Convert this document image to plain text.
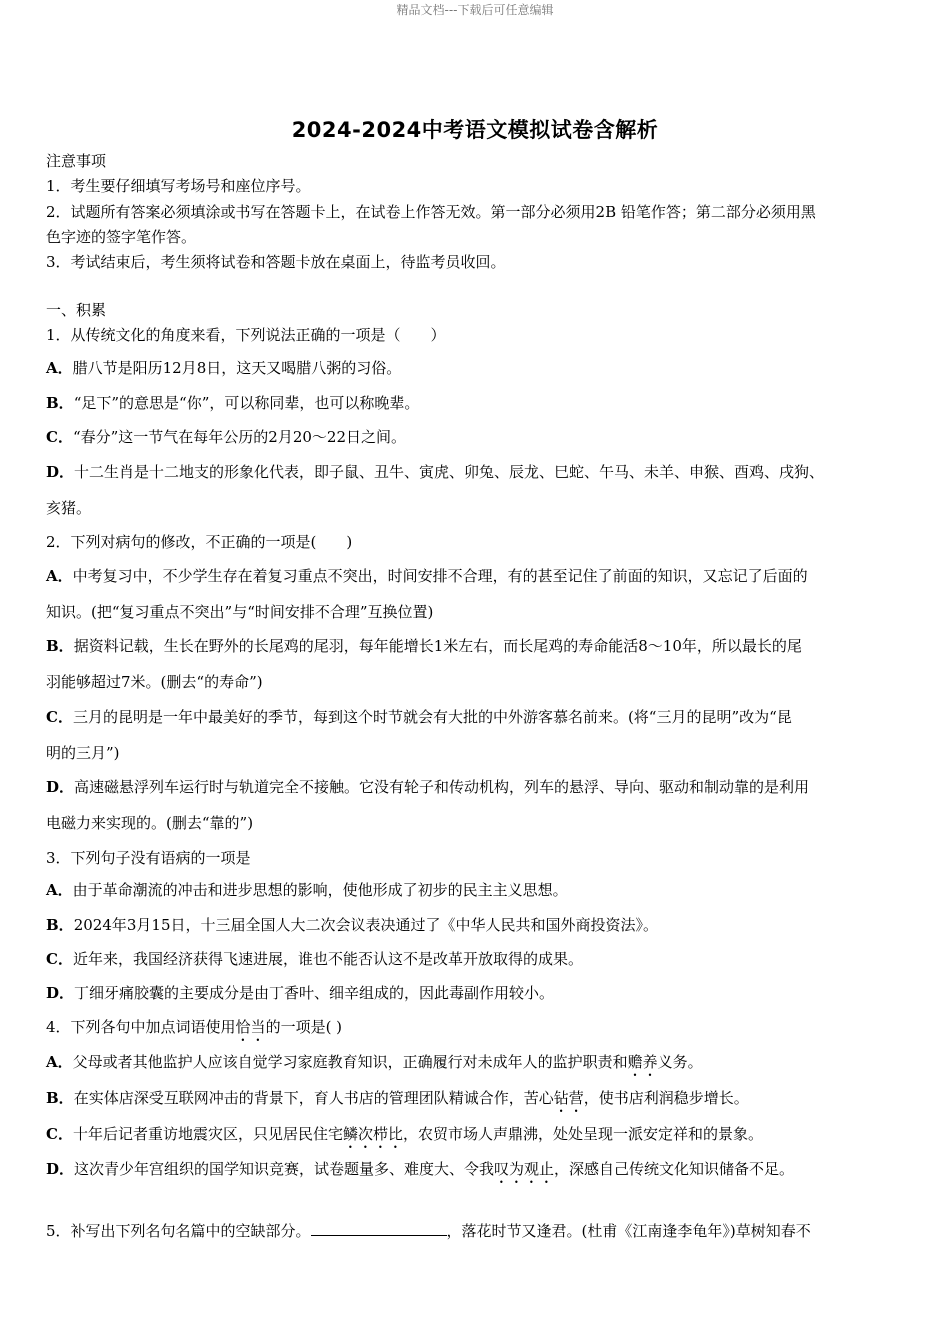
精品文档---下载后可任意编辑
2024-2024中考语文模拟试卷含解析
注意事项
1．考生要仔细填写考场号和座位序号。
2．试题所有答案必须填涂或书写在答题卡上，在试卷上作答无效。第一部分必须用2B 铅笔作答；第二部分必须用黑
色字迹的签字笔作答。
3．考试结束后，考生须将试卷和答题卡放在桌面上，待监考员收回。
一、积累
1．从传统文化的角度来看，下列说法正确的一项是（　　）
A．腊八节是阳历12月8日，这天又喝腊八粥的习俗。
B．“足下”的意思是“你”，可以称同辈，也可以称晚辈。
C．“春分”这一节气在每年公历的2月20～22日之间。
D．十二生肖是十二地支的形象化代表，即子鼠、丑牛、寅虎、卯兔、辰龙、巳蛇、午马、未羊、申猴、酉鸡、戌狗、
亥猪。
2．下列对病句的修改，不正确的一项是(　　)
A．中考复习中，不少学生存在着复习重点不突出，时间安排不合理，有的甚至记住了前面的知识，又忘记了后面的
知识。(把“复习重点不突出”与“时间安排不合理”互换位置)
B．据资料记载，生长在野外的长尾鸡的尾羽，每年能增长1米左右，而长尾鸡的寿命能活8～10年，所以最长的尾
羽能够超过7米。(删去“的寿命”)
C．三月的昆明是一年中最美好的季节，每到这个时节就会有大批的中外游客慕名前来。(将“三月的昆明”改为“昆
明的三月”)
D．高速磁悬浮列车运行时与轨道完全不接触。它没有轮子和传动机构，列车的悬浮、导向、驱动和制动靠的是利用
电磁力来实现的。(删去“靠的”)
3．下列句子没有语病的一项是
A．由于革命潮流的冲击和进步思想的影响，使他形成了初步的民主主义思想。
B．2024年3月15日，十三届全国人大二次会议表决通过了《中华人民共和国外商投资法》。
C．近年来，我国经济获得飞速进展，谁也不能否认这不是改革开放取得的成果。
D．丁细牙痛胶囊的主要成分是由丁香叶、细辛组成的，因此毒副作用较小。
4．下列各句中加点词语使用恰当的一项是( )
A．父母或者其他监护人应该自觉学习家庭教育知识，正确履行对未成年人的监护职责和赡养义务。
B．在实体店深受互联网冲击的背景下，育人书店的管理团队精诚合作，苦心钻营，使书店利润稳步增长。
C．十年后记者重访地震灾区，只见居民住宅鳞次栉比，农贸市场人声鼎沸，处处呈现一派安定祥和的景象。
D．这次青少年宫组织的国学知识竞赛，试卷题量多、难度大、令我叹为观止，深感自己传统文化知识储备不足。
5．补写出下列名句名篇中的空缺部分。	，落花时节又逢君。(杜甫《江南逢李龟年》)草树知春不
